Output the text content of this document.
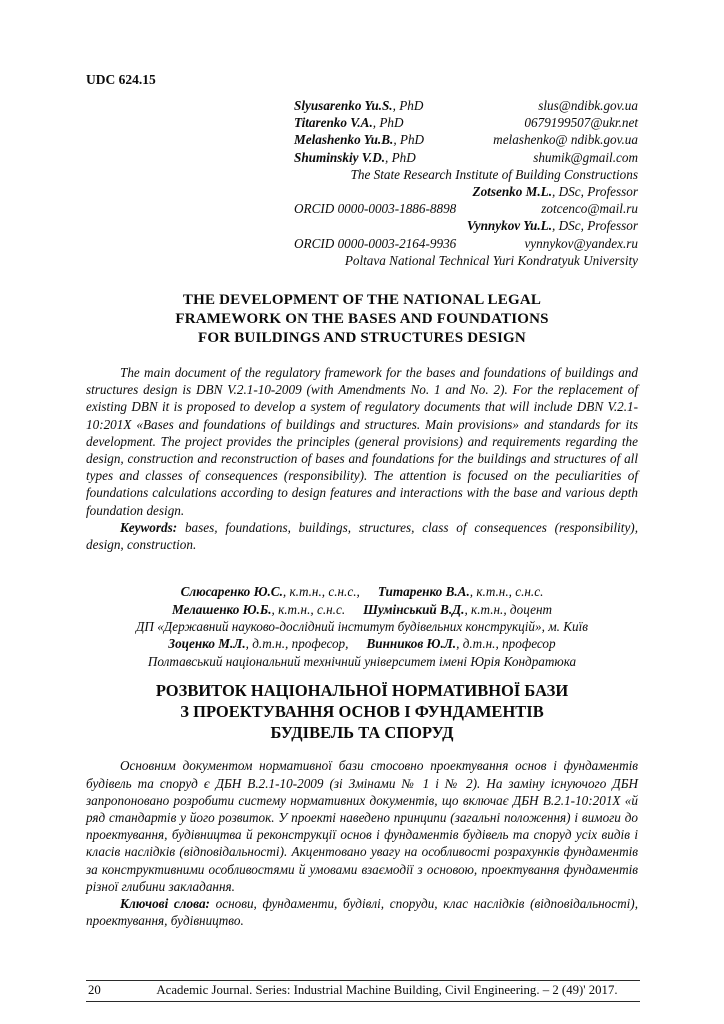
UDC 624.15
Slyusarenko Yu.S., PhD	slus@ndibk.gov.ua
Titarenko V.A., PhD	0679199507@ukr.net
Melashenko Yu.B., PhD	melashenko@ ndibk.gov.ua
Shuminskiy V.D., PhD	shumik@gmail.com
The State Research Institute of Building Constructions
Zotsenko M.L., DSc, Professor
ORCID 0000-0003-1886-8898	zotcenco@mail.ru
Vynnykov Yu.L., DSc, Professor
ORCID 0000-0003-2164-9936	vynnykov@yandex.ru
Poltava National Technical Yuri Kondratyuk University
THE DEVELOPMENT OF THE NATIONAL LEGAL FRAMEWORK ON THE BASES AND FOUNDATIONS FOR BUILDINGS AND STRUCTURES DESIGN

The main document of the regulatory framework for the bases and foundations of buildings and structures design is DBN V.2.1-10-2009 (with Amendments No. 1 and No. 2). For the replacement of existing DBN it is proposed to develop a system of regulatory documents that will include DBN V.2.1-10:201X «Bases and foundations of buildings and structures. Main provisions» and standards for its development. The project provides the principles (general provisions) and requirements regarding the design, construction and reconstruction of bases and foundations for the buildings and structures of all types and classes of consequences (responsibility). The attention is focused on the peculiarities of foundations calculations according to design features and interactions with the base and various depth foundation design.

Keywords: bases, foundations, buildings, structures, class of consequences (responsibility), design, construction.

Слюсаренко Ю.С., к.т.н., с.н.с., Титаренко В.А., к.т.н., с.н.с.
Мелашенко Ю.Б., к.т.н., с.н.с. Шумінський В.Д., к.т.н., доцент
ДП «Державний науково-дослідний інститут будівельних конструкцій», м. Київ
Зоценко М.Л., д.т.н., професор, Винников Ю.Л., д.т.н., професор
Полтавський національний технічний університет імені Юрія Кондратюка
РОЗВИТОК НАЦІОНАЛЬНОЇ НОРМАТИВНОЇ БАЗИ З ПРОЕКТУВАННЯ ОСНОВ І ФУНДАМЕНТІВ БУДІВЕЛЬ ТА СПОРУД

Основним документом нормативної бази стосовно проектування основ і фундаментів будівель та споруд є ДБН В.2.1-10-2009 (зі Змінами № 1 і № 2). На заміну існуючого ДБН запропоновано розробити систему нормативних документів, що включає ДБН В.2.1-10:201Х «й ряд стандартів у його розвиток. У проекті наведено принципи (загальні положення) і вимоги до проектування, будівництва й реконструкції основ і фундаментів будівель та споруд усіх видів і класів наслідків (відповідальності). Акцентовано увагу на особливості розрахунків фундаментів за конструктивними особливостями й умовами взаємодії з основою, проектування фундаментів різної глибини закладання.

Ключові слова: основи, фундаменти, будівлі, споруди, клас наслідків (відповідальності), проектування, будівництво.

20	Academic Journal. Series: Industrial Machine Building, Civil Engineering. – 2 (49)' 2017.
